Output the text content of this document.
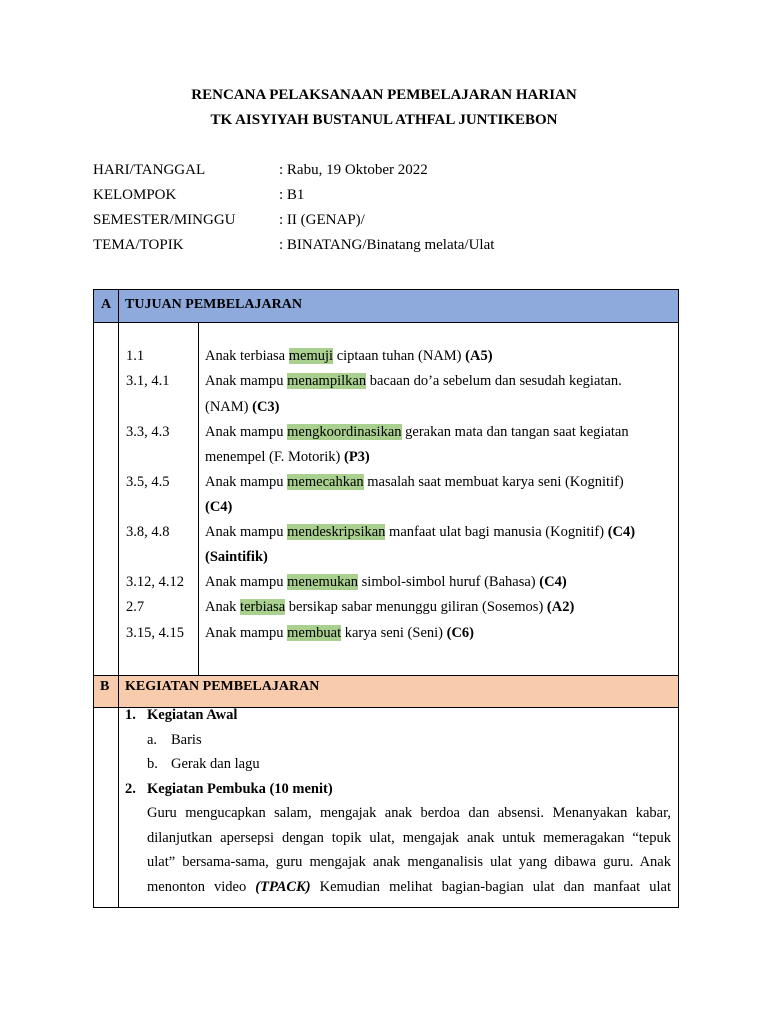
RENCANA PELAKSANAAN PEMBELAJARAN HARIAN
TK AISYIYAH BUSTANUL ATHFAL JUNTIKEBON
HARI/TANGGAL	: Rabu, 19 Oktober 2022
KELOMPOK	: B1
SEMESTER/MINGGU	: II (GENAP)/
TEMA/TOPIK	: BINATANG/Binatang melata/Ulat
A TUJUAN PEMBELAJARAN
1.1	Anak terbiasa memuji ciptaan tuhan (NAM) (A5)
3.1, 4.1 Anak mampu menampilkan bacaan do’a sebelum dan sesudah kegiatan.
(NAM) (C3)
3.3, 4.3 Anak mampu mengkoordinasikan gerakan mata dan tangan saat kegiatan
menempel (F. Motorik) (P3)
3.5, 4.5 Anak mampu memecahkan masalah saat membuat karya seni (Kognitif)
(C4)
3.8, 4.8 Anak mampu mendeskripsikan manfaat ulat bagi manusia (Kognitif) (C4)
(Saintifik)
3.12, 4.12 Anak mampu menemukan simbol-simbol huruf (Bahasa) (C4)
2.7	Anak terbiasa bersikap sabar menunggu giliran (Sosemos) (A2)
3.15, 4.15 Anak mampu membuat karya seni (Seni) (C6)
B KEGIATAN PEMBELAJARAN
1. Kegiatan Awal
a. Baris
b. Gerak dan lagu
2. Kegiatan Pembuka (10 menit)
Guru mengucapkan salam, mengajak anak berdoa dan absensi. Menanyakan kabar,
dilanjutkan apersepsi dengan topik ulat, mengajak anak untuk memeragakan “tepuk
ulat” bersama-sama, guru mengajak anak menganalisis ulat yang dibawa guru. Anak
menonton video (TPACK) Kemudian melihat bagian-bagian ulat dan manfaat ulat
